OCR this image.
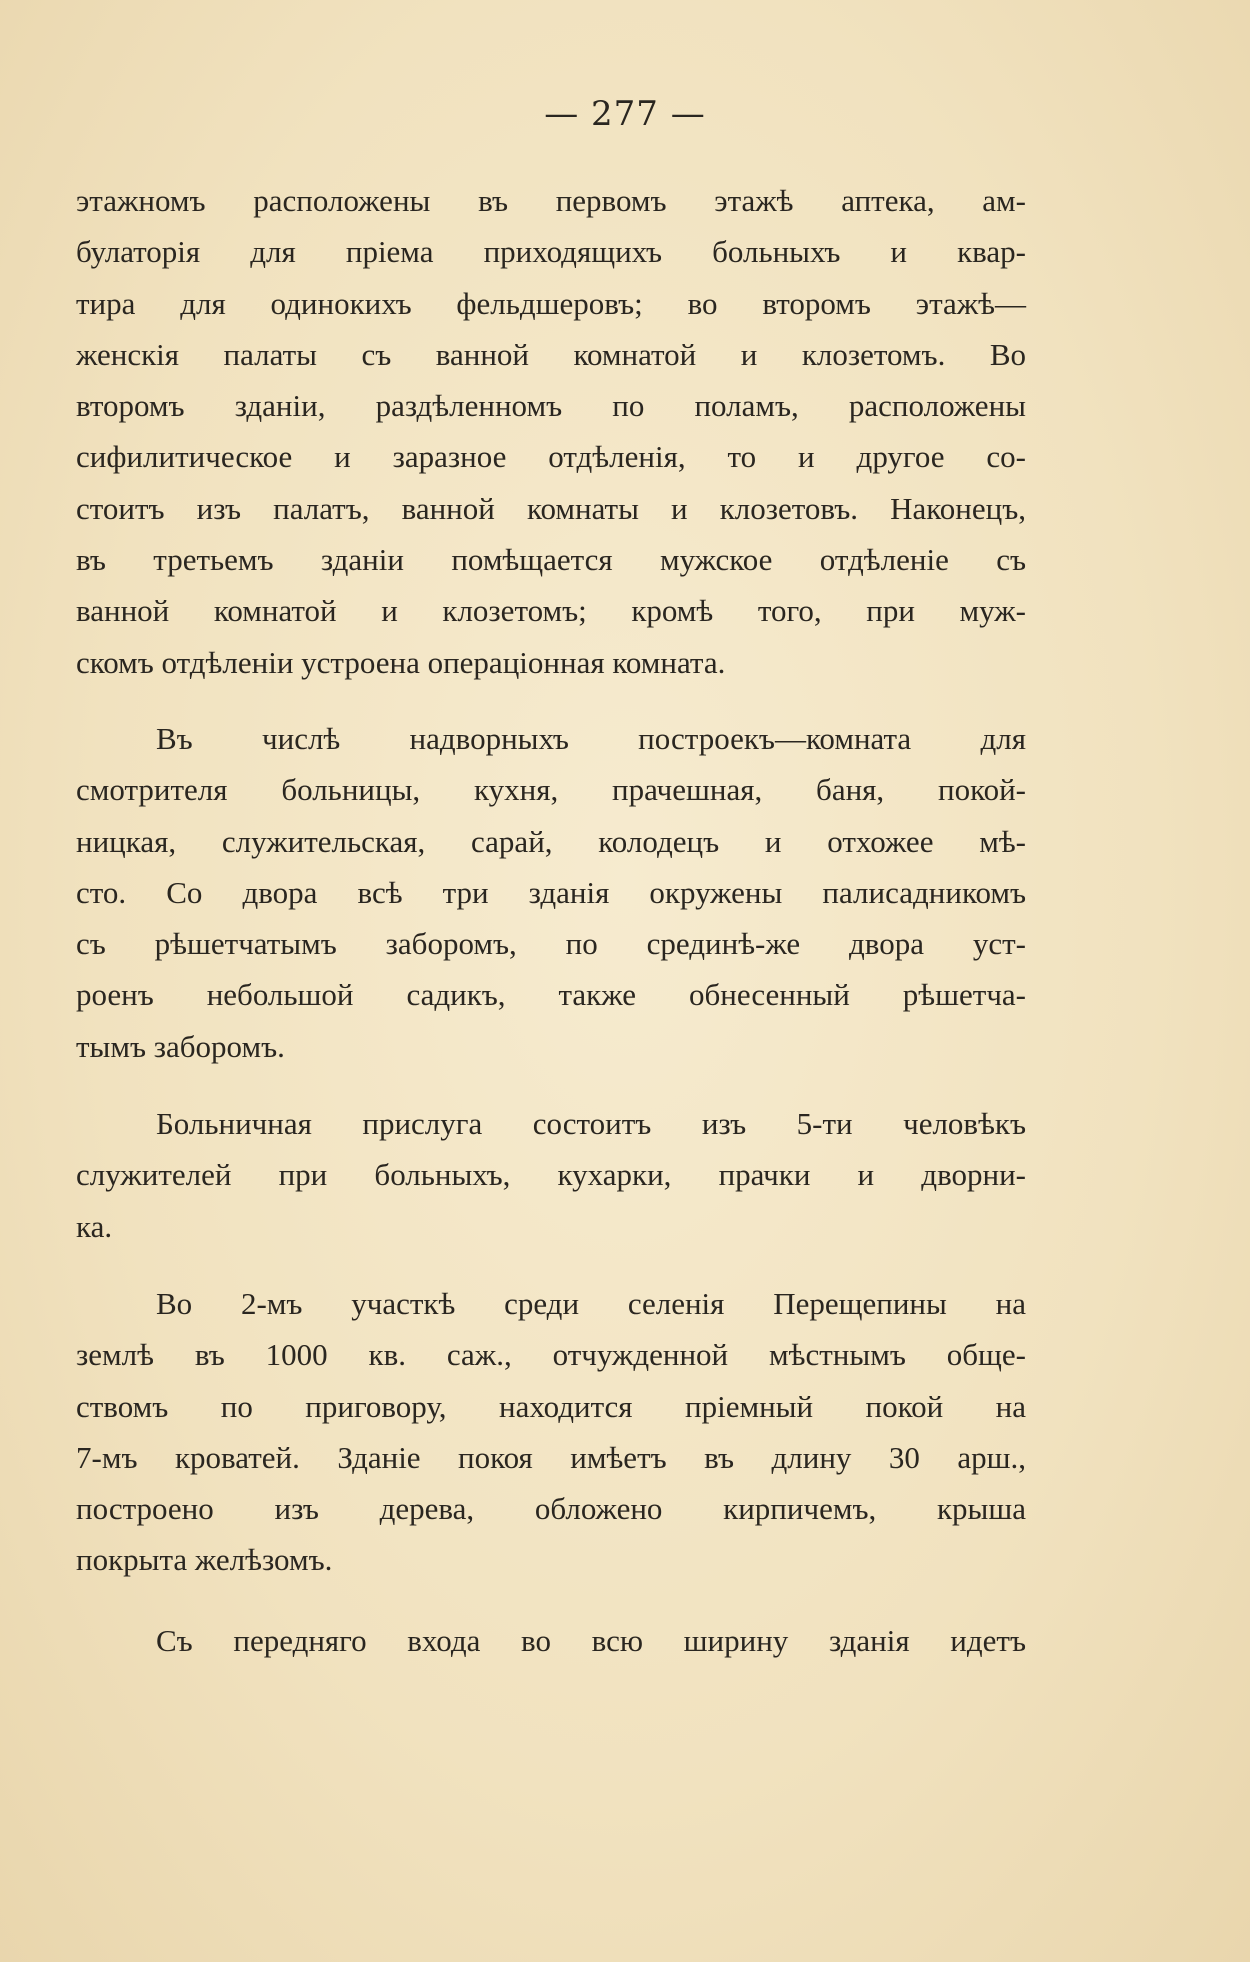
— 277 —
этажномъ расположены въ первомъ этажѣ аптека, ам-
булаторія для пріема приходящихъ больныхъ и квар-
тира для одинокихъ фельдшеровъ; во второмъ этажѣ—
женскія палаты съ ванной комнатой и клозетомъ. Во
второмъ зданіи, раздѣленномъ по поламъ, расположены
сифилитическое и заразное отдѣленія, то и другое со-
стоитъ изъ палатъ, ванной комнаты и клозетовъ. Наконецъ,
въ третьемъ зданіи помѣщается мужское отдѣленіе съ
ванной комнатой и клозетомъ; кромѣ того, при муж-
скомъ отдѣленіи устроена операціонная комната.
Въ числѣ надворныхъ построекъ—комната для
смотрителя больницы, кухня, прачешная, баня, покой-
ницкая, служительская, сарай, колодецъ и отхожее мѣ-
сто. Со двора всѣ три зданія окружены палисадникомъ
съ рѣшетчатымъ заборомъ, по срединѣ-же двора уст-
роенъ небольшой садикъ, также обнесенный рѣшетча-
тымъ заборомъ.
Больничная прислуга состоитъ изъ 5-ти человѣкъ
служителей при больныхъ, кухарки, прачки и дворни-
ка.
Во 2-мъ участкѣ среди селенія Перещепины на
землѣ въ 1000 кв. саж., отчужденной мѣстнымъ обще-
ствомъ по приговору, находится пріемный покой на
7-мъ кроватей. Зданіе покоя имѣетъ въ длину 30 арш.,
построено изъ дерева, обложено кирпичемъ, крыша
покрыта желѣзомъ.
Съ передняго входа во всю ширину зданія идетъ
